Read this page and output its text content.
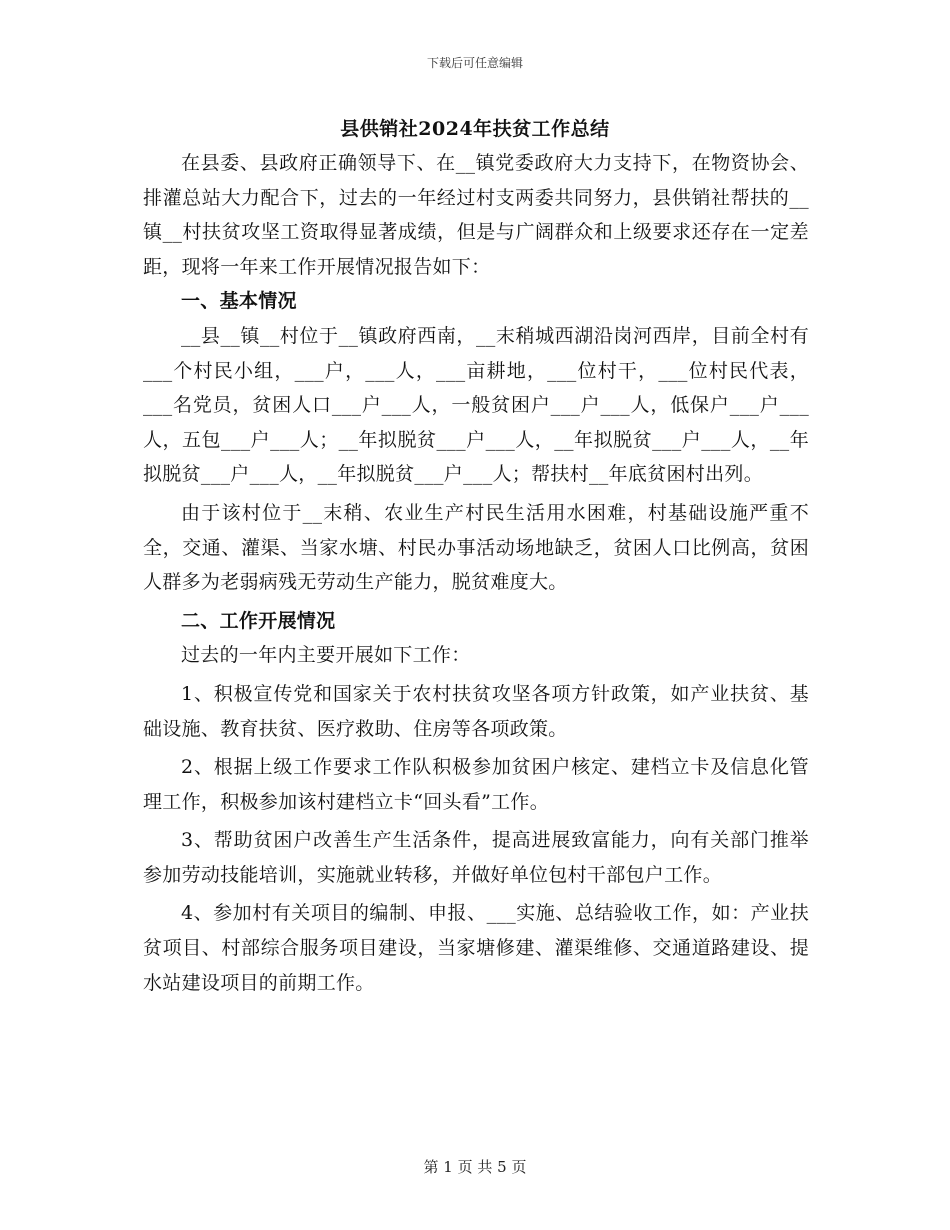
下载后可任意编辑
县供销社2024年扶贫工作总结

在县委、县政府正确领导下、在__镇党委政府大力支持下，在物资协会、排灌总站大力配合下，过去的一年经过村支两委共同努力，县供销社帮扶的__镇__村扶贫攻坚工资取得显著成绩，但是与广阔群众和上级要求还存在一定差距，现将一年来工作开展情况报告如下：

一、基本情况

__县__镇__村位于__镇政府西南，__末稍城西湖沿岗河西岸，目前全村有___个村民小组，___户，___人，___亩耕地，___位村干，___位村民代表，___名党员，贫困人口___户___人，一般贫困户___户___人，低保户___户___人，五包___户___人；__年拟脱贫___户___人，__年拟脱贫___户___人，__年拟脱贫___户___人，__年拟脱贫___户___人；帮扶村__年底贫困村出列。

由于该村位于__末稍、农业生产村民生活用水困难，村基础设施严重不全，交通、灌渠、当家水塘、村民办事活动场地缺乏，贫困人口比例高，贫困人群多为老弱病残无劳动生产能力，脱贫难度大。

二、工作开展情况

过去的一年内主要开展如下工作：

1、积极宣传党和国家关于农村扶贫攻坚各项方针政策，如产业扶贫、基础设施、教育扶贫、医疗救助、住房等各项政策。

2、根据上级工作要求工作队积极参加贫困户核定、建档立卡及信息化管理工作，积极参加该村建档立卡“回头看”工作。

3、帮助贫困户改善生产生活条件，提高进展致富能力，向有关部门推举参加劳动技能培训，实施就业转移，并做好单位包村干部包户工作。

4、参加村有关项目的编制、申报、___实施、总结验收工作，如：产业扶贫项目、村部综合服务项目建设，当家塘修建、灌渠维修、交通道路建设、提水站建设项目的前期工作。

第 1 页 共 5 页
